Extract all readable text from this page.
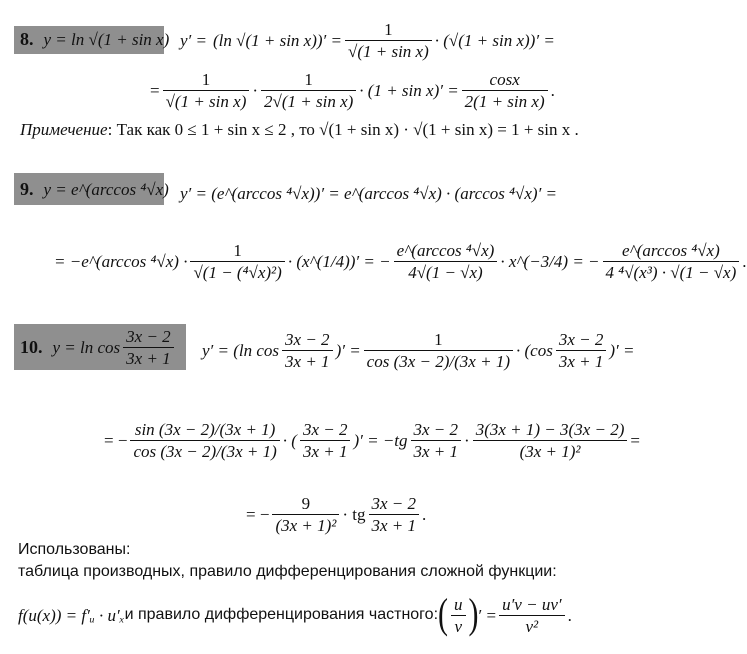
8. y = ln √(1 + sin x) y′ = (ln $√(1 + \sin x))' = \frac{1}{\text{√(1 + sin x)}} \cdot (√(1 + \sin x))'$ =
= $\frac{1}{\text{√(1 + sin x)}} \cdot \frac{1}{\text{2√(1 + sin x)}} \cdot (1 + \sin x)' = \frac{\cos x}{\text{2(1 + sin x)}}$ .
Примечение : Так как 0 ≤ 1 + sin x ≤ 2 , то √(1 + sin x) · √(1 + sin x) = 1 + sin x .
9. y = e^(arccos ⁴√x) y′ = (e^(arccos ⁴√x))′ = e^(arccos ⁴√x) · (arccos ⁴√x)′ =
= −e^(arccos $^4√x) \cdot \frac{1}{\text{√(1 − (⁴√x)²)}}$ · (x^(1/4))′ = − $\frac{\text{e\textasciicircum{}(arccos ⁴√x)}}{4√(1 - √x)}$ · x^(−3/4) = − $\frac{\text{e\textasciicircum{}(arccos ⁴√x)}}{\text{4 ⁴√(x³) · √(1 − √x)}}$ .
10. $y = \ln \cos \frac{3x - 2}{3x + 1} y' = (\ln$ $\cos \frac{3x - 2}{3x + 1}$ )′ = $\frac{1}{\cos (3x - 2)/(3x + 1)} \cdot (\cos \frac{3x - 2}{3x + 1}$ )′ =
= − $\frac{\sin (3x - 2)/(3x + 1)}{\cos (3x - 2)/(3x + 1)}$ · ( $\frac{3x - 2}{3x + 1}$ )′ = $-tg \frac{3x - 2}{3x + 1} \cdot \frac{3(3x + 1) - 3(3x - 2)}{\text{(3x + 1)²}}$ =
= − $\frac{9}{\text{(3x + 1)²}}$ · tg $\frac{3x - 2}{3x + 1}$ .
Использованы:
таблица производных, правило дифференцирования сложной функции:
f(u(x)) = f′ᵤ · u′ₓ и правило дифференцирования частного: ( $\frac{u}{v}$ ) ′ = $\frac{u'v - uv'}{\text{v²}}$ .
